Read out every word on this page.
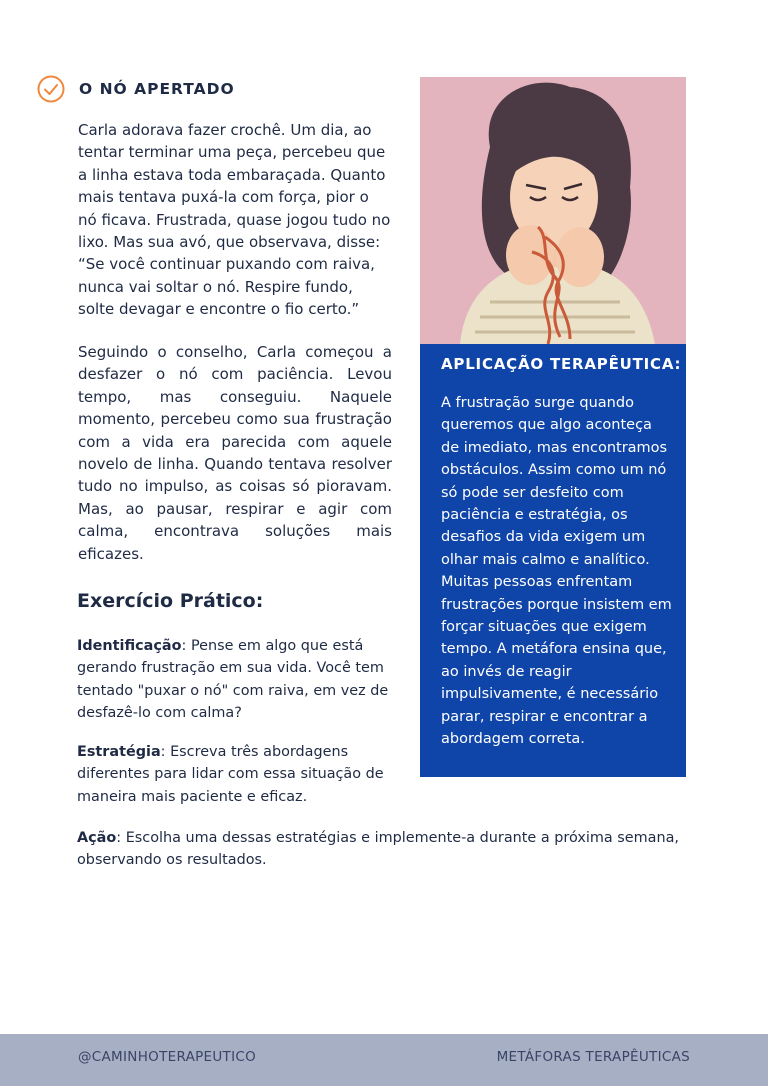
O NÓ APERTADO

Carla adorava fazer crochê. Um dia, ao tentar terminar uma peça, percebeu que a linha estava toda embaraçada. Quanto mais tentava puxá-la com força, pior o nó ficava. Frustrada, quase jogou tudo no lixo. Mas sua avó, que observava, disse: “Se você continuar puxando com raiva, nunca vai soltar o nó. Respire fundo, solte devagar e encontre o fio certo.”

Seguindo o conselho, Carla começou a desfazer o nó com paciência. Levou tempo, mas conseguiu. Naquele momento, percebeu como sua frustração com a vida era parecida com aquele novelo de linha. Quando tentava resolver tudo no impulso, as coisas só pioravam. Mas, ao pausar, respirar e agir com calma, encontrava soluções mais eficazes.

Exercício Prático:
Identificação: Pense em algo que está gerando frustração em sua vida. Você tem tentado "puxar o nó" com raiva, em vez de desfazê-lo com calma?
Estratégia: Escreva três abordagens diferentes para lidar com essa situação de maneira mais paciente e eficaz.
Ação: Escolha uma dessas estratégias e implemente-a durante a próxima semana, observando os resultados.
APLICAÇÃO TERAPÊUTICA:
A frustração surge quando queremos que algo aconteça de imediato, mas encontramos obstáculos. Assim como um nó só pode ser desfeito com paciência e estratégia, os desafios da vida exigem um olhar mais calmo e analítico. Muitas pessoas enfrentam frustrações porque insistem em forçar situações que exigem tempo. A metáfora ensina que, ao invés de reagir impulsivamente, é necessário parar, respirar e encontrar a abordagem correta.
@CAMINHOTERAPEUTICO	METÁFORAS TERAPÊUTICAS
